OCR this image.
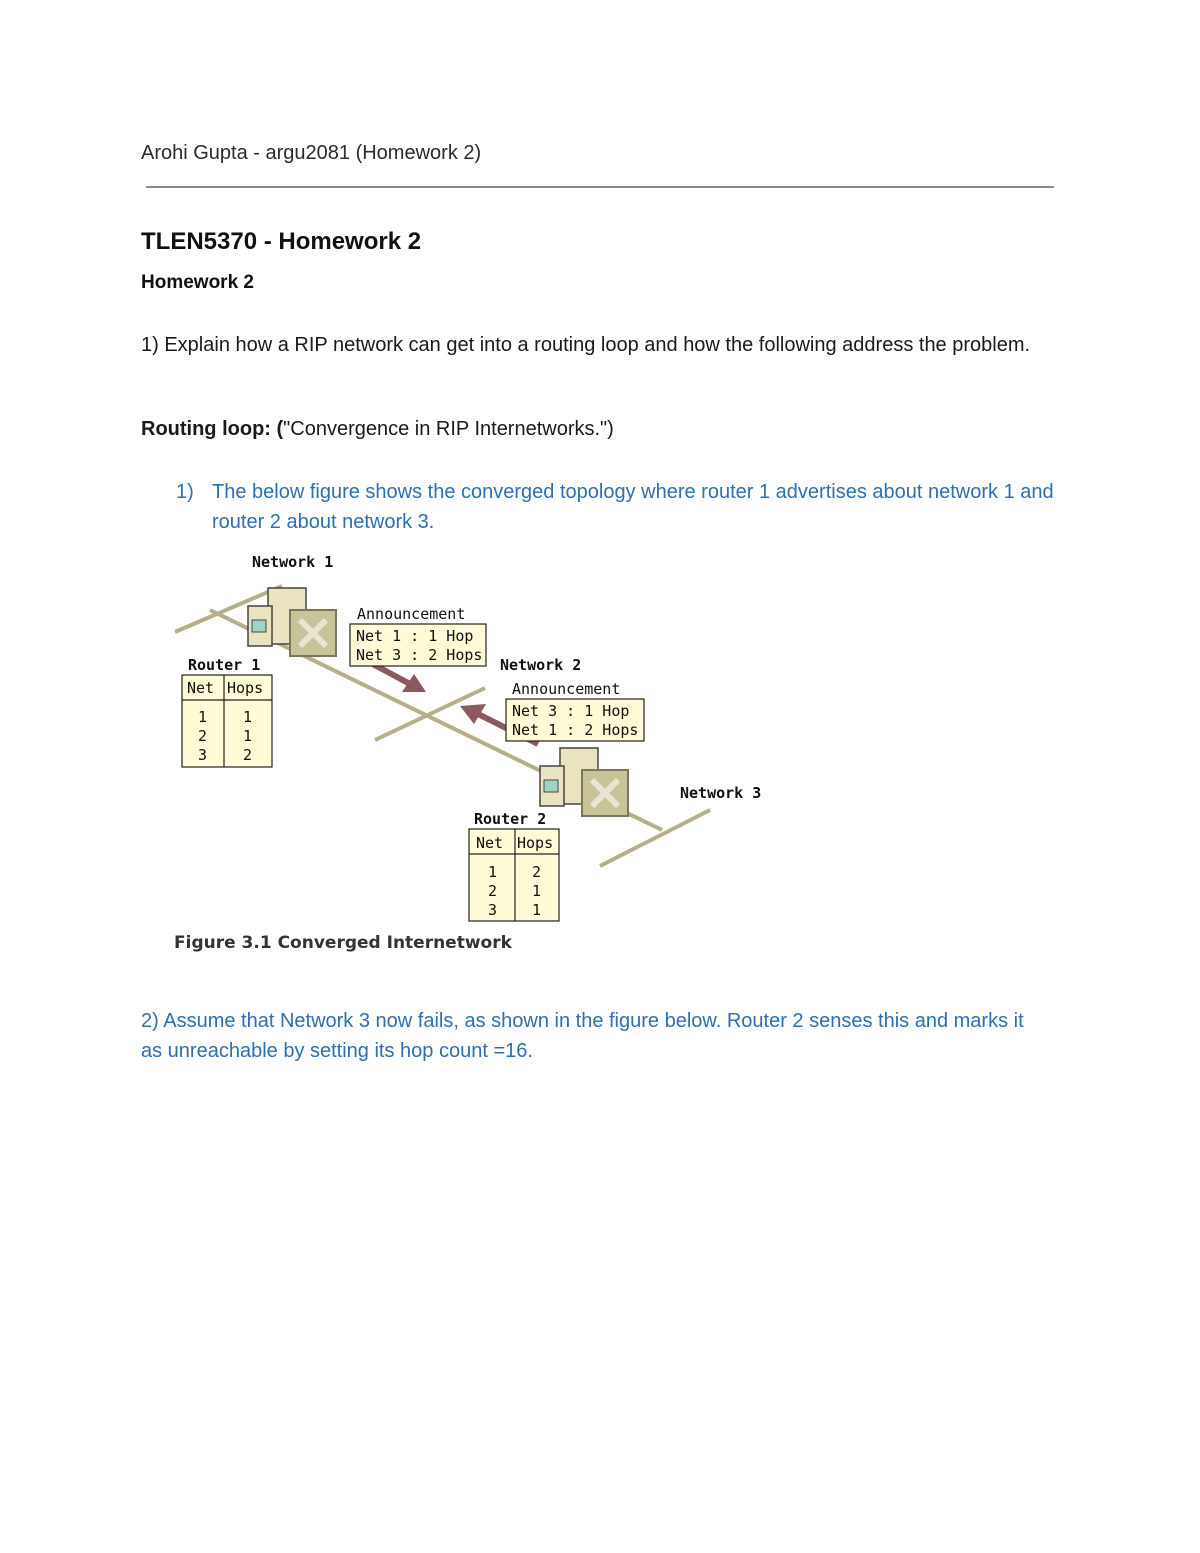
Arohi Gupta - argu2081 (Homework 2)
TLEN5370 - Homework 2
Homework 2
1) Explain how a RIP network can get into a routing loop and how the following address the problem.
Routing loop: ("Convergence in RIP Internetworks.")
1) The below figure shows the converged topology where router 1 advertises about network 1 and router 2 about network 3.
Network 1
Network 2
Network 3
Announcement
Net 1 : 1 Hop
Net 3 : 2 Hops
Announcement
Net 3 : 1 Hop
Net 1 : 2 Hops
Router 1
Net Hops
1
2
3
1
1
2
Router 2
Net Hops
1
2
3
2
1
1
Figure 3.1 Converged Internetwork
2) Assume that Network 3 now fails, as shown in the figure below. Router 2 senses this and marks it as unreachable by setting its hop count =16.
